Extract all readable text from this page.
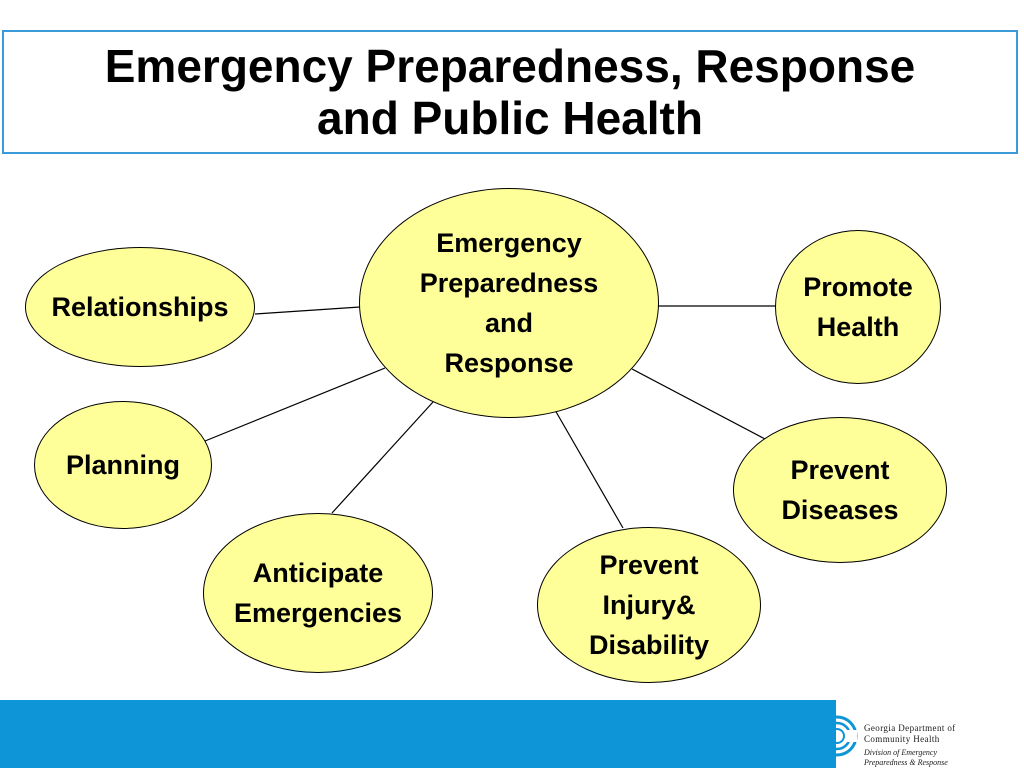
Emergency Preparedness, Response
and Public Health
Emergency
Preparedness
and
Response
Relationships
Planning
Anticipate
Emergencies
Prevent
Injury&
Disability
Prevent
Diseases
Promote
Health
Georgia Department of
Community Health
Division of Emergency
Preparedness & Response
